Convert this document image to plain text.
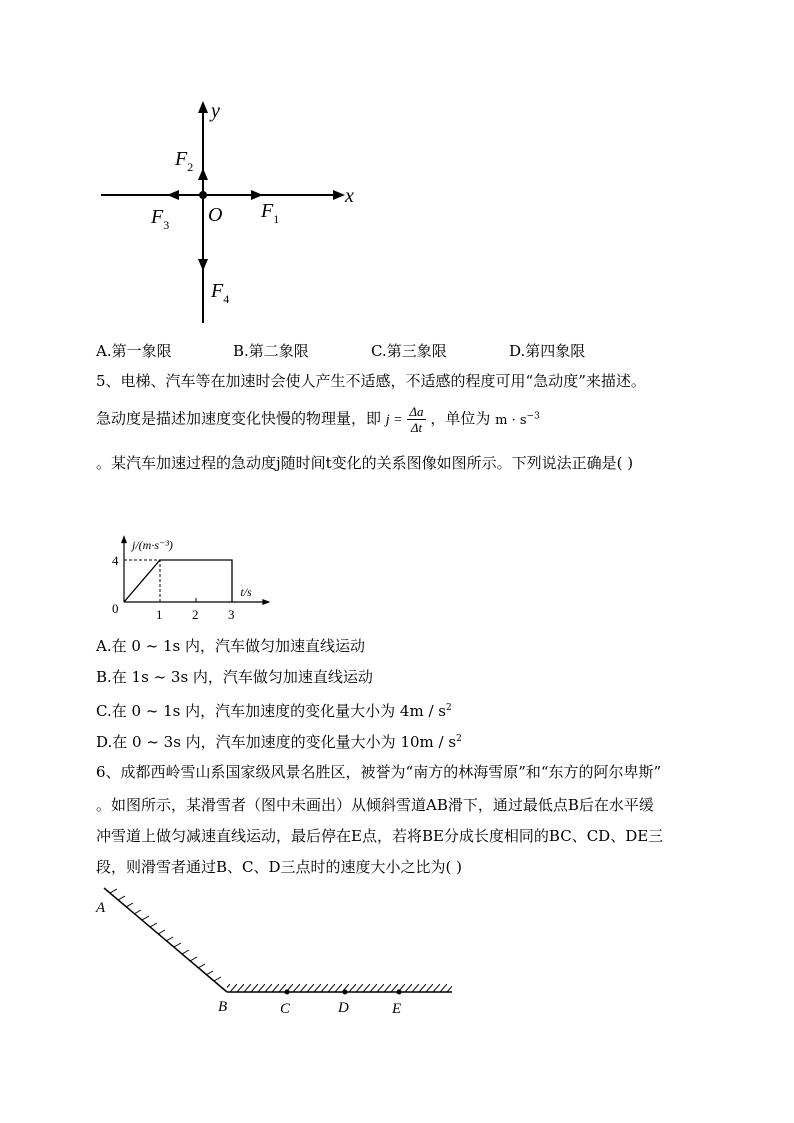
y
x
O
$F_2$
$F_3$
$F_1$
$F_4$
A.第一象限	B.第二象限	C.第三象限	D.第四象限
5、电梯、汽车等在加速时会使人产生不适感，不适感的程度可用“急动度”来描述。
急动度是描述加速度变化快慢的物理量，即 $j = \frac{\Delta a}{\Delta t}$ ，单位为 $m \cdot s^{-3}$
。某汽车加速过程的急动度j随时间t变化的关系图像如图所示。下列说法正确是( )
1 2 3
4
0
j/(m·s⁻³)
t/s
A.在 0 ~ 1s 内，汽车做匀加速直线运动
B.在 1s ~ 3s 内，汽车做匀加速直线运动
C.在 0 ~ 1s 内，汽车加速度的变化量大小为 $4m / s^2$
D.在 0 ~ 3s 内，汽车加速度的变化量大小为 $10m / s^2$
6、成都西岭雪山系国家级风景名胜区，被誉为“南方的林海雪原”和“东方的阿尔卑斯”
。如图所示，某滑雪者（图中未画出）从倾斜雪道AB滑下，通过最低点B后在水平缓
冲雪道上做匀减速直线运动，最后停在E点，若将BE分成长度相同的BC、CD、DE三
段，则滑雪者通过B、C、D三点时的速度大小之比为( )
A
B	C	D	E
